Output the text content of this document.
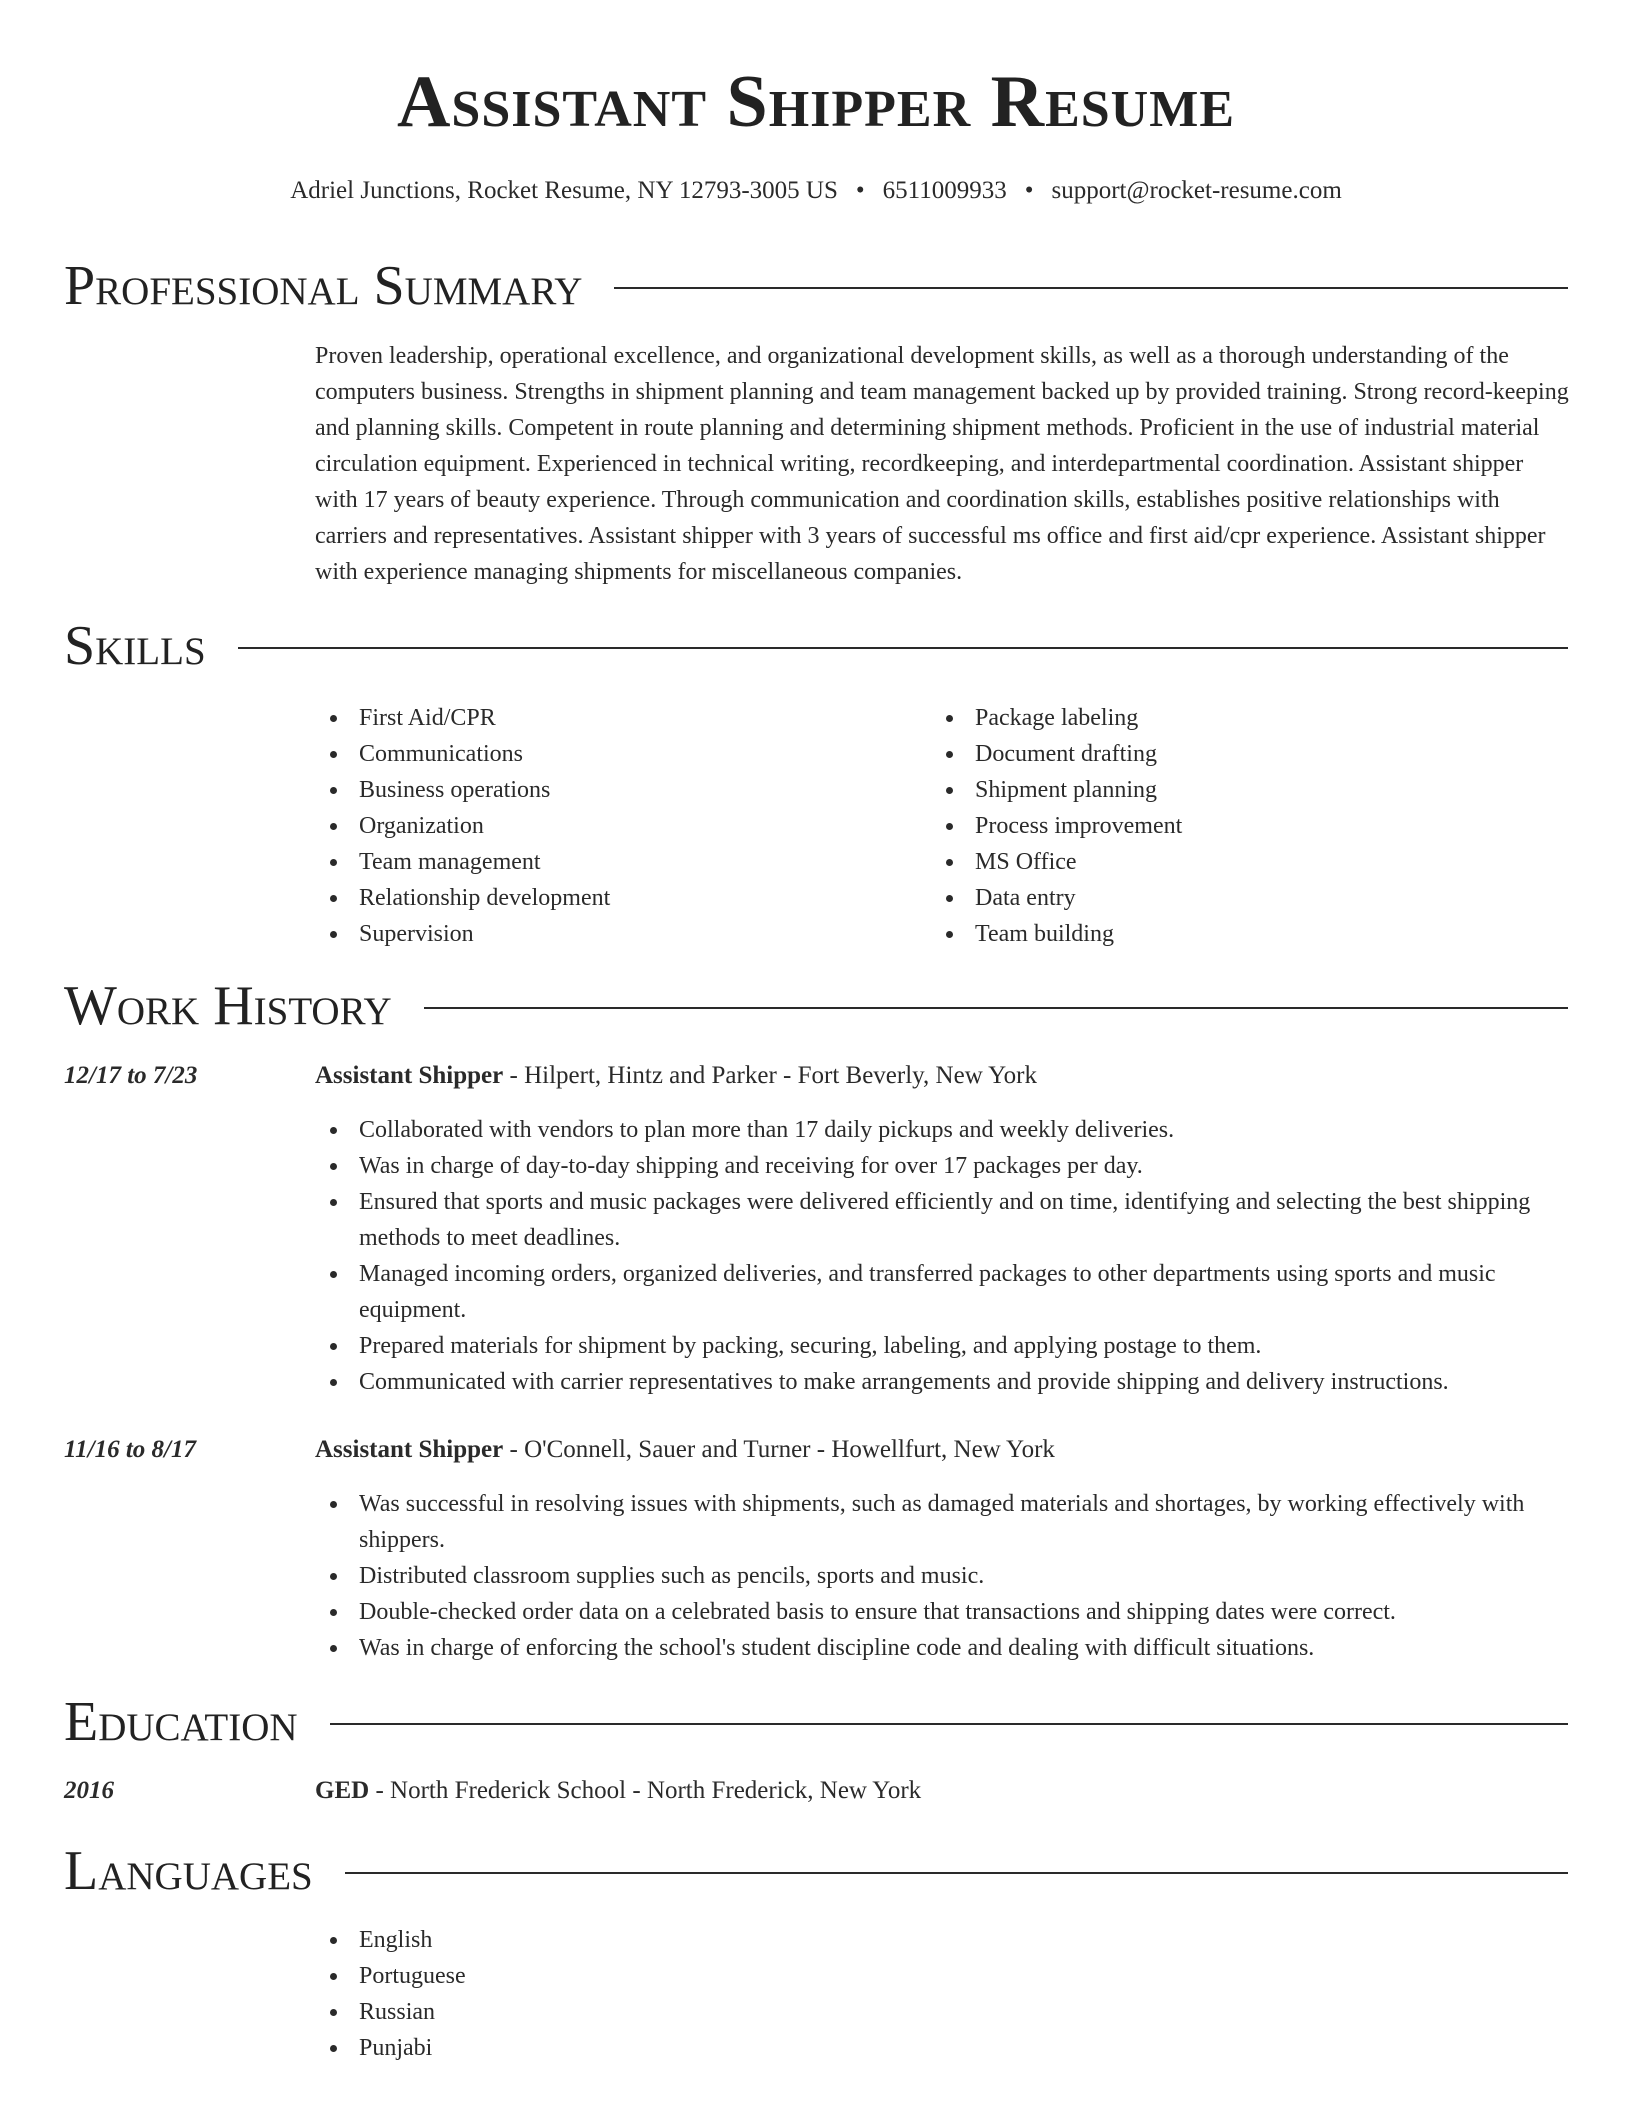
Assistant Shipper Resume
Adriel Junctions, Rocket Resume, NY 12793-3005 US • 6511009933 • support@rocket-resume.com
Professional Summary

Proven leadership, operational excellence, and organizational development skills, as well as a thorough understanding of the computers business. Strengths in shipment planning and team management backed up by provided training. Strong record-keeping and planning skills. Competent in route planning and determining shipment methods. Proficient in the use of industrial material circulation equipment. Experienced in technical writing, recordkeeping, and interdepartmental coordination. Assistant shipper with 17 years of beauty experience. Through communication and coordination skills, establishes positive relationships with carriers and representatives. Assistant shipper with 3 years of successful ms office and first aid/cpr experience. Assistant shipper with experience managing shipments for miscellaneous companies.

Skills
First Aid/CPR
Communications
Business operations
Organization
Team management
Relationship development
Supervision
Package labeling
Document drafting
Shipment planning
Process improvement
MS Office
Data entry
Team building
Work History
12/17 to 7/23	Assistant Shipper - Hilpert, Hintz and Parker - Fort Beverly, New York
Collaborated with vendors to plan more than 17 daily pickups and weekly deliveries.
Was in charge of day-to-day shipping and receiving for over 17 packages per day.
Ensured that sports and music packages were delivered efficiently and on time, identifying and selecting the best shipping methods to meet deadlines.
Managed incoming orders, organized deliveries, and transferred packages to other departments using sports and music equipment.
Prepared materials for shipment by packing, securing, labeling, and applying postage to them.
Communicated with carrier representatives to make arrangements and provide shipping and delivery instructions.
11/16 to 8/17	Assistant Shipper - O'Connell, Sauer and Turner - Howellfurt, New York
Was successful in resolving issues with shipments, such as damaged materials and shortages, by working effectively with shippers.
Distributed classroom supplies such as pencils, sports and music.
Double-checked order data on a celebrated basis to ensure that transactions and shipping dates were correct.
Was in charge of enforcing the school's student discipline code and dealing with difficult situations.
Education
2016	GED - North Frederick School - North Frederick, New York
Languages
English
Portuguese
Russian
Punjabi
